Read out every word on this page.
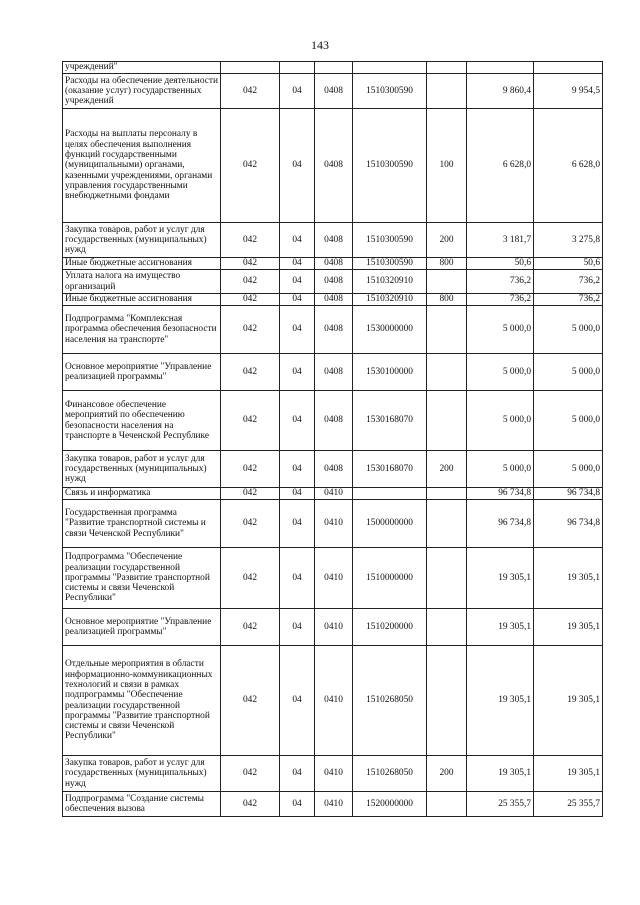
143
учреждений"							
Расходы на обеспечение деятельности (оказание услуг) государственных учреждений	042	04	0408	1510300590		9 860,4	9 954,5
Расходы на выплаты персоналу в целях обеспечения выполнения функций государственными (муниципальными) органами, казенными учреждениями, органами управления государственными внебюджетными фондами	042	04	0408	1510300590	100	6 628,0	6 628,0
Закупка товаров, работ и услуг для государственных (муниципальных) нужд	042	04	0408	1510300590	200	3 181,7	3 275,8
Иные бюджетные ассигнования	042	04	0408	1510300590	800	50,6	50,6
Уплата налога на имущество организаций	042	04	0408	1510320910		736,2	736,2
Иные бюджетные ассигнования	042	04	0408	1510320910	800	736,2	736,2
Подпрограмма "Комплексная программа обеспечения безопасности населения на транспорте"	042	04	0408	1530000000		5 000,0	5 000,0
Основное мероприятие "Управление реализацией программы"	042	04	0408	1530100000		5 000,0	5 000,0
Финансовое обеспечение мероприятий по обеспечению безопасности населения на транспорте в Чеченской Республике	042	04	0408	1530168070		5 000,0	5 000,0
Закупка товаров, работ и услуг для государственных (муниципальных) нужд	042	04	0408	1530168070	200	5 000,0	5 000,0
Связь и информатика	042	04	0410			96 734,8	96 734,8
Государственная программа "Развитие транспортной системы и связи Чеченской Республики"	042	04	0410	1500000000		96 734,8	96 734,8
Подпрограмма "Обеспечение реализации государственной программы "Развитие транспортной системы и связи Чеченской Республики"	042	04	0410	1510000000		19 305,1	19 305,1
Основное мероприятие "Управление реализацией программы"	042	04	0410	1510200000		19 305,1	19 305,1
Отдельные мероприятия в области информационно-коммуникационных технологий и связи в рамках подпрограммы "Обеспечение реализации государственной программы "Развитие транспортной системы и связи Чеченской Республики"	042	04	0410	1510268050		19 305,1	19 305,1
Закупка товаров, работ и услуг для государственных (муниципальных) нужд	042	04	0410	1510268050	200	19 305,1	19 305,1
Подпрограмма "Создание системы обеспечения вызова	042	04	0410	1520000000		25 355,7	25 355,7
